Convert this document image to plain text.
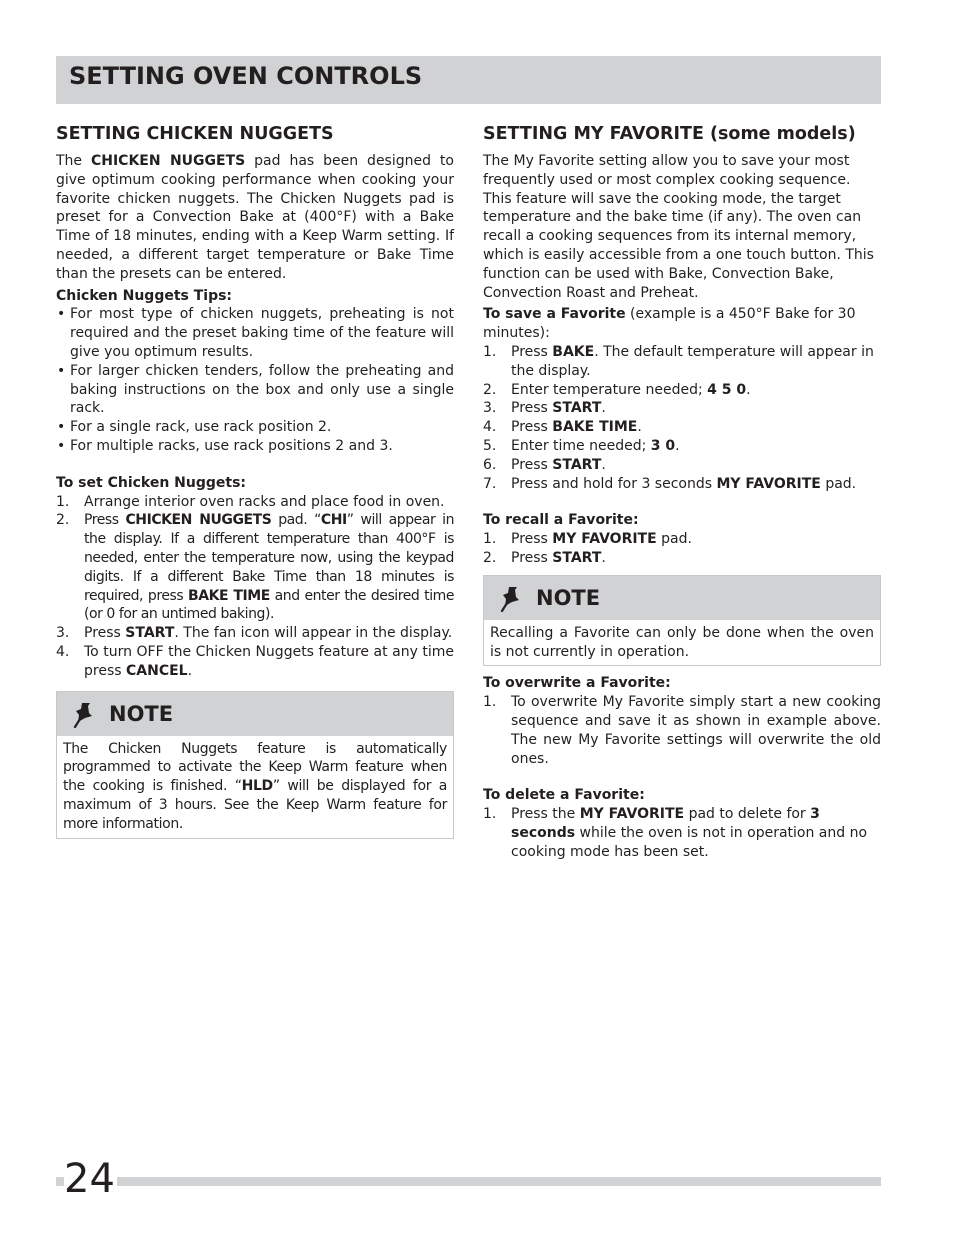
SETTING OVEN CONTROLS
SETTING CHICKEN NUGGETS

The CHICKEN NUGGETS pad has been designed to give optimum cooking performance when cooking your favorite chicken nuggets. The Chicken Nuggets pad is preset for a Convection Bake at (400°F) with a Bake Time of 18 minutes, ending with a Keep Warm setting. If needed, a different target temperature or Bake Time than the presets can be entered.

Chicken Nuggets Tips:

• For most type of chicken nuggets, preheating is not required and the preset baking time of the feature will give you optimum results.
• For larger chicken tenders, follow the preheating and baking instructions on the box and only use a single rack.
• For a single rack, use rack position 2.
• For multiple racks, use rack positions 2 and 3.

To set Chicken Nuggets:

1. Arrange interior oven racks and place food in oven.
2. Press CHICKEN NUGGETS pad. “CHI” will appear in the display. If a different temperature than 400°F is needed, enter the temperature now, using the keypad digits. If a different Bake Time than 18 minutes is required, press BAKE TIME and enter the desired time (or 0 for an untimed baking).
3. Press START. The fan icon will appear in the display.
4. To turn OFF the Chicken Nuggets feature at any time press CANCEL.
NOTE
The Chicken Nuggets feature is automatically programmed to activate the Keep Warm feature when the cooking is finished. “HLD” will be displayed for a maximum of 3 hours. See the Keep Warm feature for more information.
SETTING MY FAVORITE (some models)

The My Favorite setting allow you to save your most frequently used or most complex cooking sequence. This feature will save the cooking mode, the target temperature and the bake time (if any). The oven can recall a cooking sequences from its internal memory, which is easily accessible from a one touch button. This function can be used with Bake, Convection Bake, Convection Roast and Preheat.

To save a Favorite (example is a 450°F Bake for 30 minutes):

1. Press BAKE. The default temperature will appear in the display.
2. Enter temperature needed; 4 5 0.
3. Press START.
4. Press BAKE TIME.
5. Enter time needed; 3 0.
6. Press START.
7. Press and hold for 3 seconds MY FAVORITE pad.

To recall a Favorite:

1. Press MY FAVORITE pad.
2. Press START.
NOTE
Recalling a Favorite can only be done when the oven is not currently in operation.

To overwrite a Favorite:

1. To overwrite My Favorite simply start a new cooking sequence and save it as shown in example above. The new My Favorite settings will overwrite the old ones.

To delete a Favorite:

1. Press the MY FAVORITE pad to delete for 3 seconds while the oven is not in operation and no cooking mode has been set.
24
